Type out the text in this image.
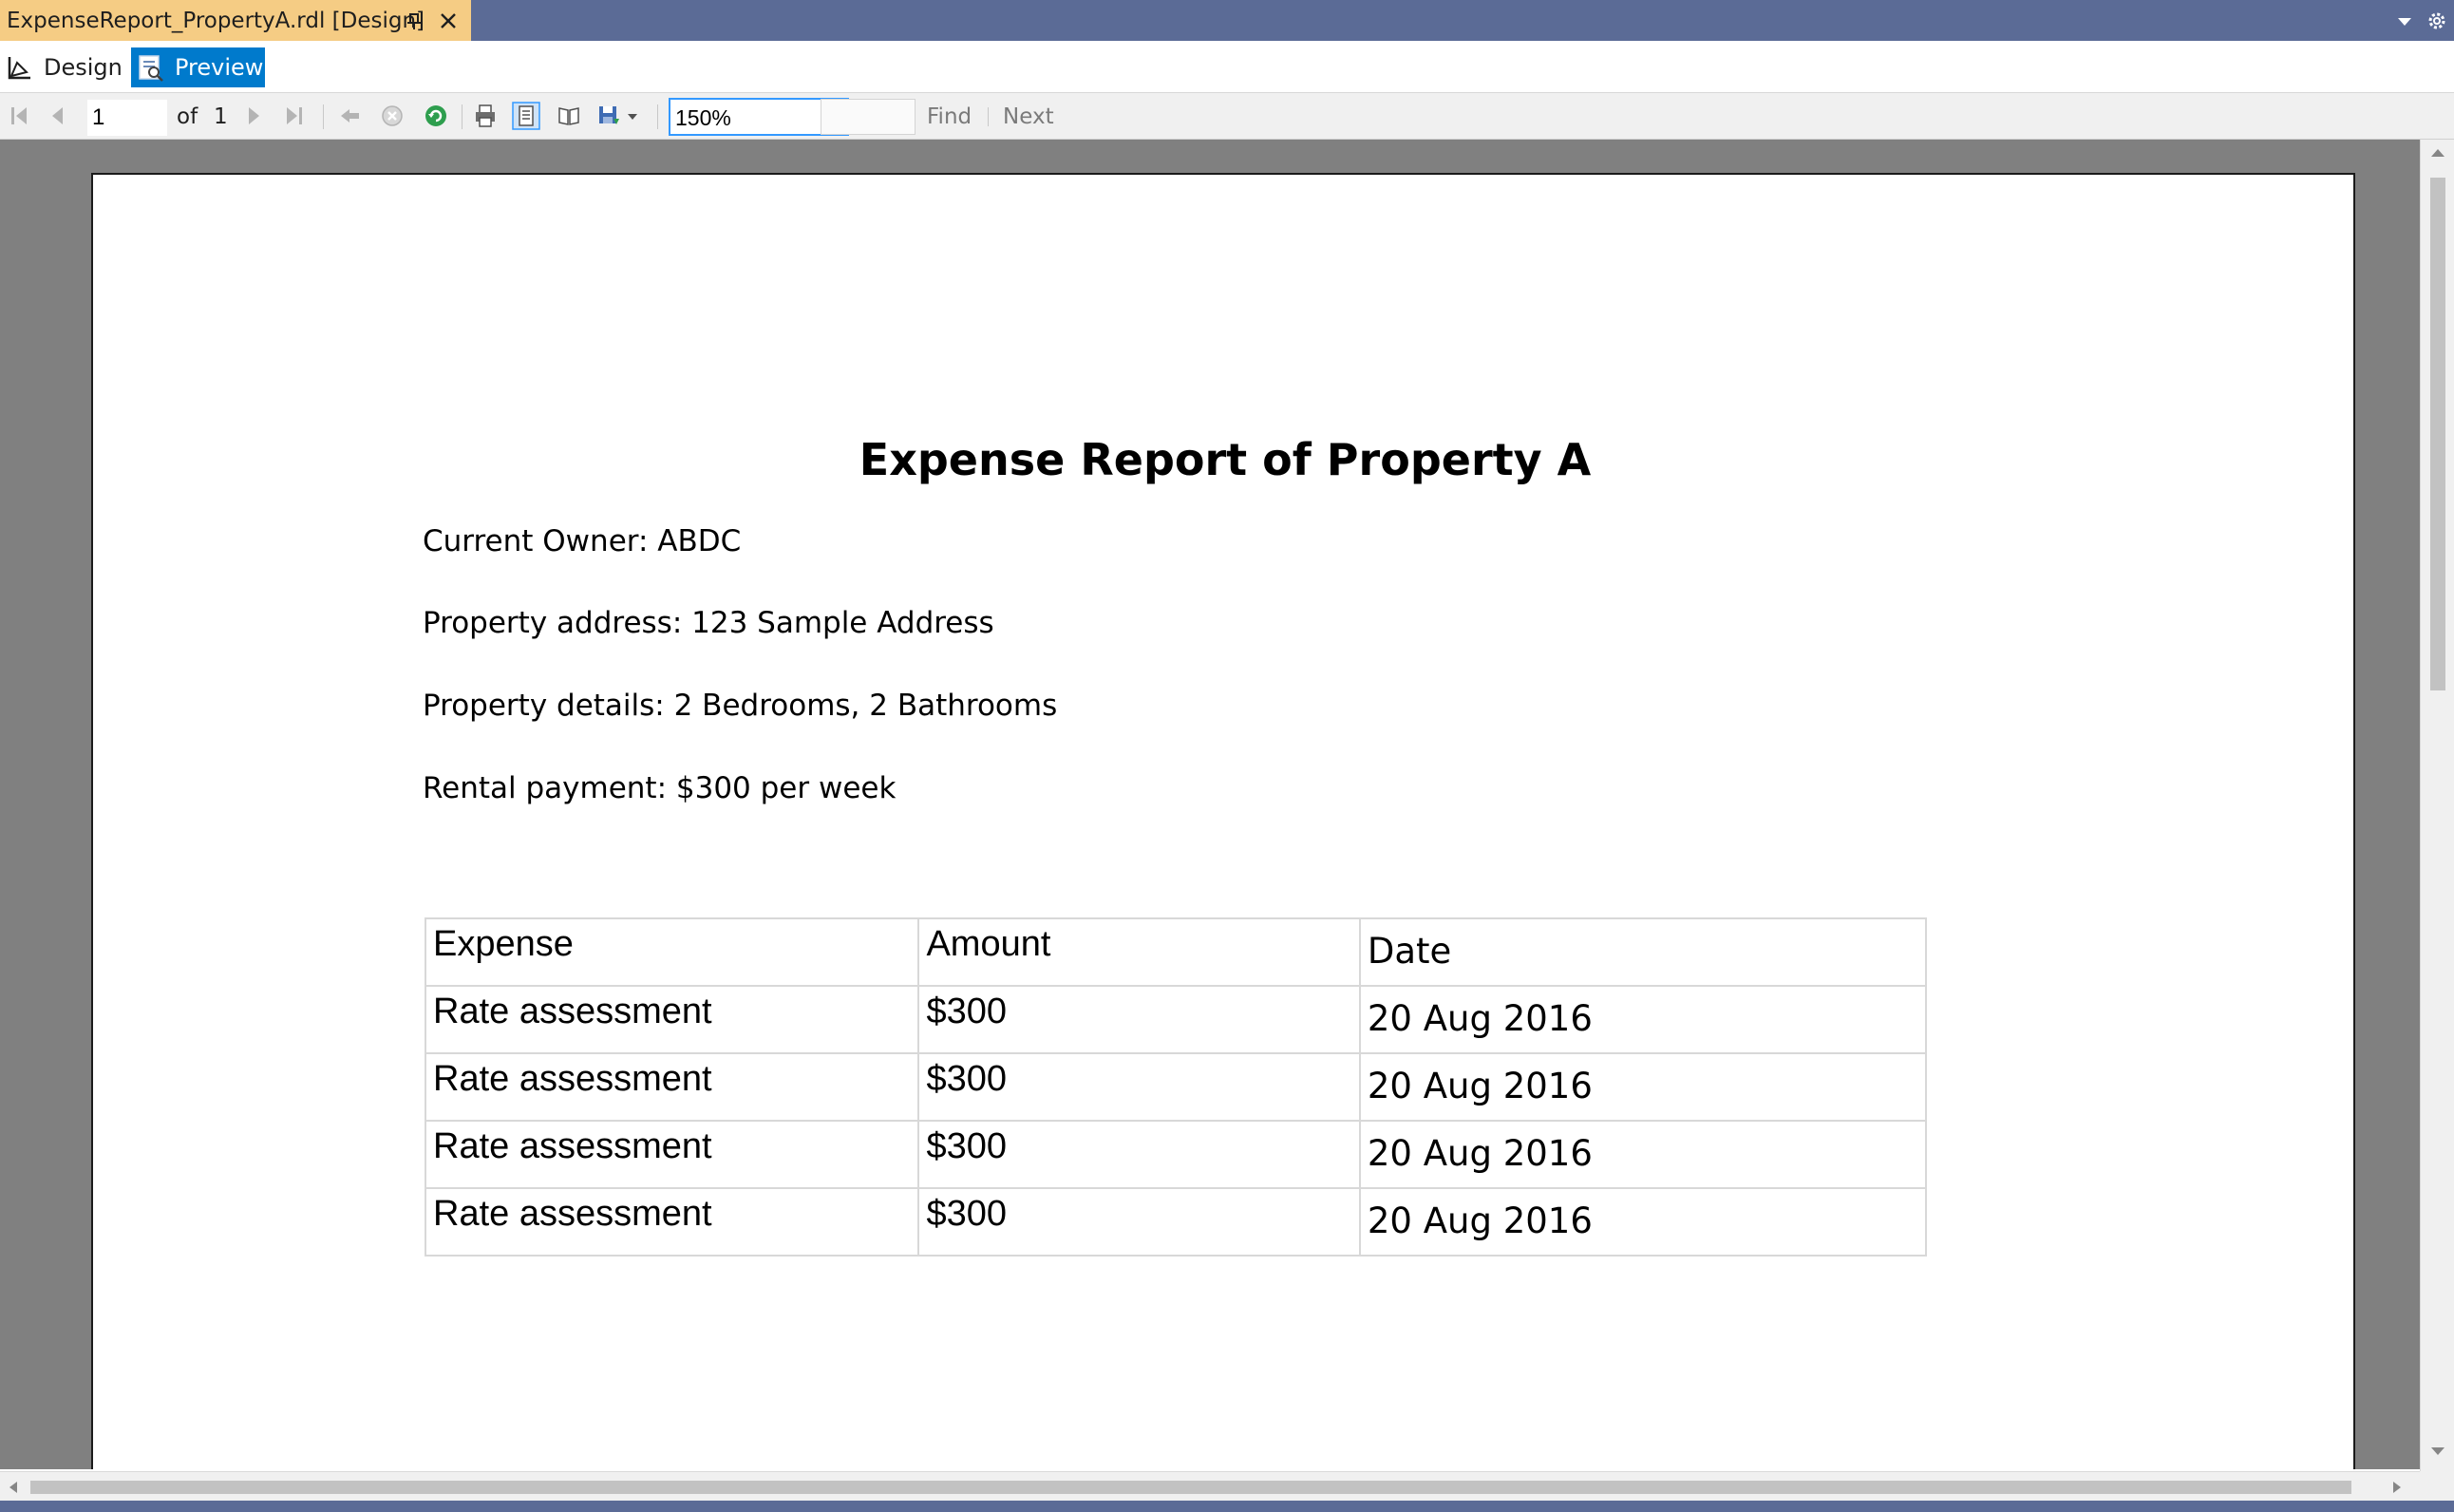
ExpenseReport_PropertyA.rdl [Design]
Design Preview
1
of 1	150%	Find Next
Expense Report of Property A
Current Owner: ABDC
Property address: 123 Sample Address
Property details: 2 Bedrooms, 2 Bathrooms
Rental payment: $300 per week
Expense	Amount	Date
Rate assessment	$300	20 Aug 2016
Rate assessment	$300	20 Aug 2016
Rate assessment	$300	20 Aug 2016
Rate assessment	$300	20 Aug 2016
